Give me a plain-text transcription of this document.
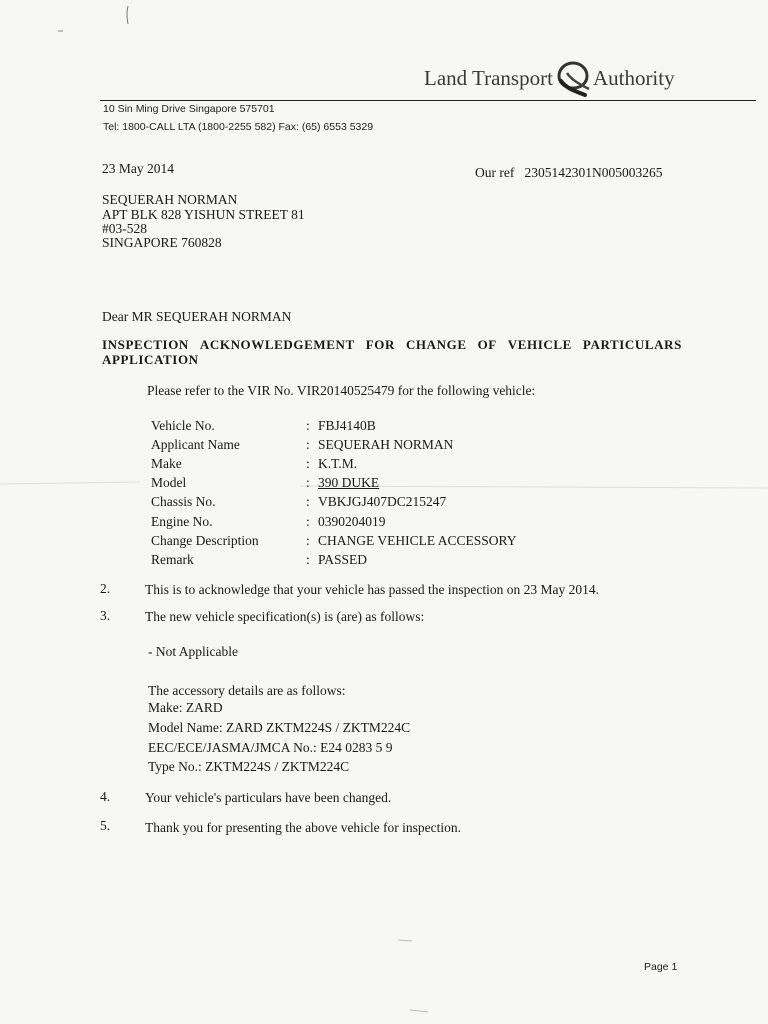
Land Transport Authority
10 Sin Ming Drive Singapore 575701
Tel: 1800-CALL LTA (1800-2255 582) Fax: (65) 6553 5329
23 May 2014	Our ref 2305142301N005003265
SEQUERAH NORMAN
APT BLK 828 YISHUN STREET 81
#03-528
SINGAPORE 760828
Dear MR SEQUERAH NORMAN
INSPECTION ACKNOWLEDGEMENT FOR CHANGE OF VEHICLE PARTICULARS
APPLICATION
Please refer to the VIR No. VIR20140525479 for the following vehicle:
Vehicle No.	: FBJ4140B
Applicant Name	: SEQUERAH NORMAN
Make	: K.T.M.
Model	: 390 DUKE
Chassis No.	: VBKJGJ407DC215247
Engine No.	: 0390204019
Change Description	: CHANGE VEHICLE ACCESSORY
Remark	: PASSED
2.	This is to acknowledge that your vehicle has passed the inspection on 23 May 2014.
3.	The new vehicle specification(s) is (are) as follows:
- Not Applicable
The accessory details are as follows:
Make: ZARD
Model Name: ZARD ZKTM224S / ZKTM224C
EEC/ECE/JASMA/JMCA No.: E24 0283 5 9
Type No.: ZKTM224S / ZKTM224C
4.	Your vehicle's particulars have been changed.
5.	Thank you for presenting the above vehicle for inspection.
Page 1
